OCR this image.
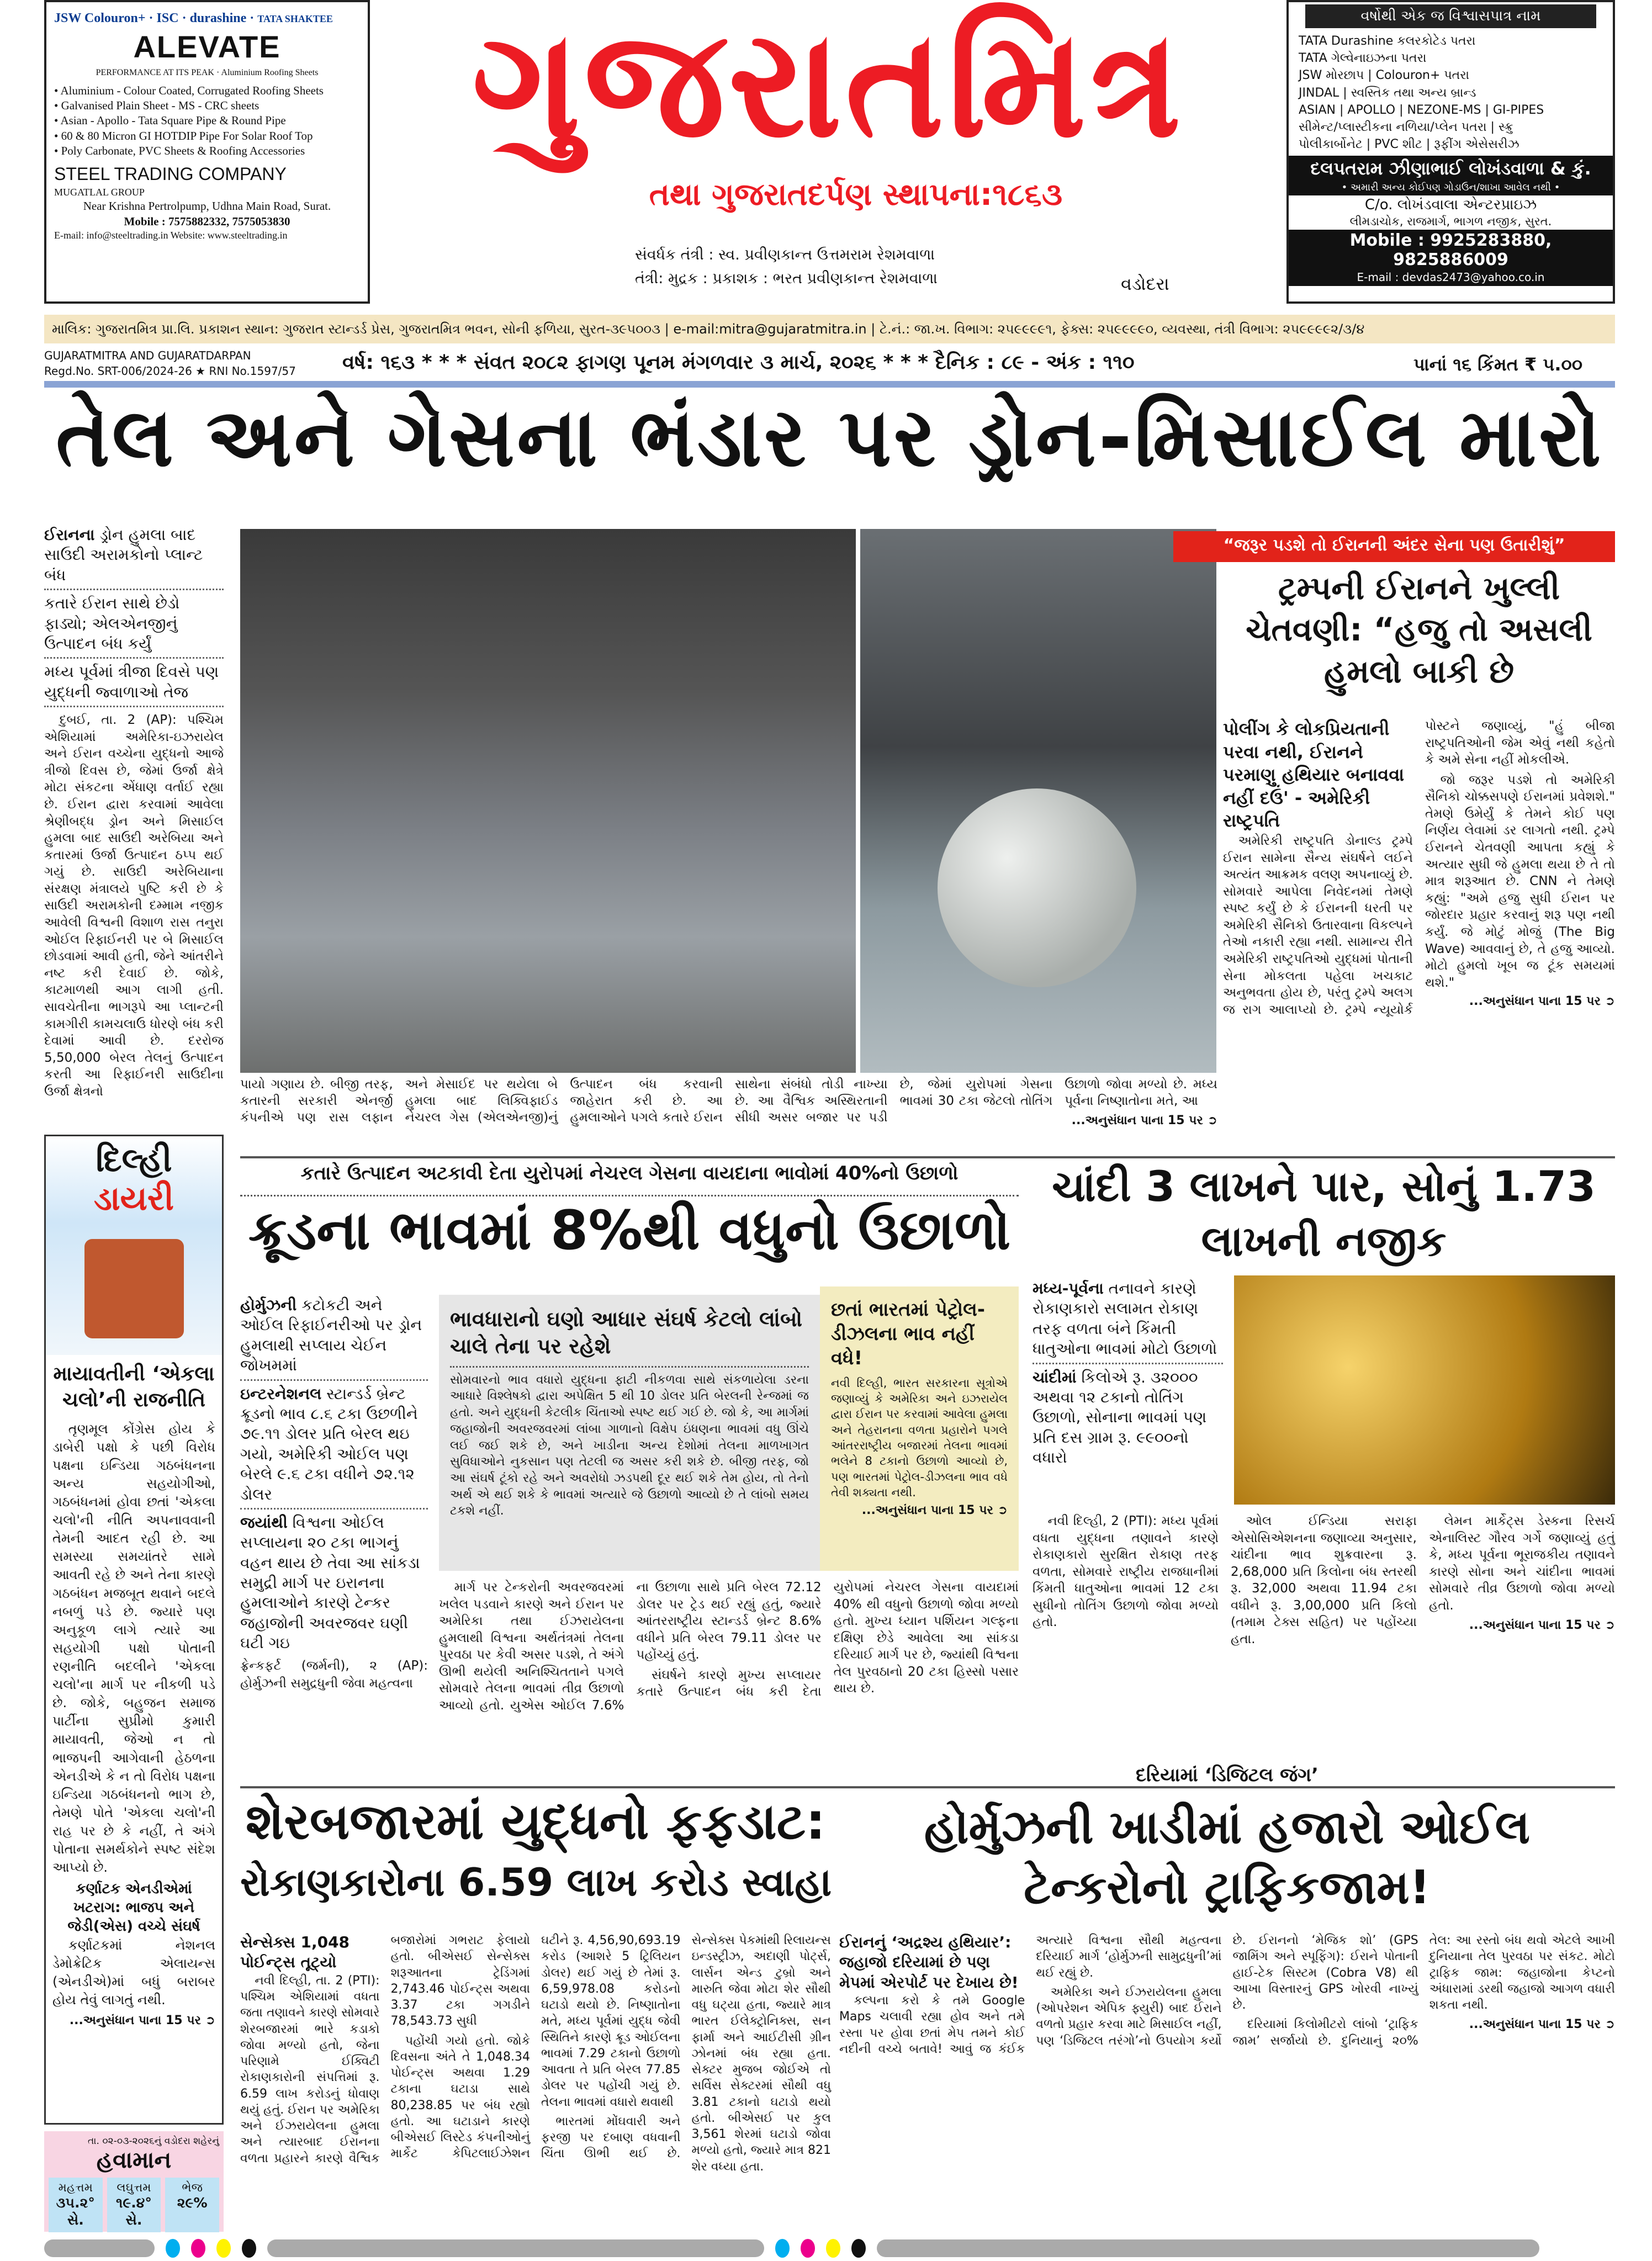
JSW Colouron+ · ISC · durashine · TATA SHAKTEE
ALEVATE
PERFORMANCE AT ITS PEAK · Aluminium Roofing Sheets
• Aluminium - Colour Coated, Corrugated Roofing Sheets
• Galvanised Plain Sheet - MS - CRC sheets
• Asian - Apollo - Tata Square Pipe & Round Pipe
• 60 & 80 Micron GI HOTDIP Pipe For Solar Roof Top
• Poly Carbonate, PVC Sheets & Roofing Accessories
STEEL TRADING COMPANY
MUGATLAL GROUP
Near Krishna Pertrolpump, Udhna Main Road, Surat.
Mobile : 7575882332, 7575053830
E-mail: info@steeltrading.in Website: www.steeltrading.in
ગુજરાતમિત્ર
તથા ગુજરાતદર્પણ સ્થાપના:૧૮૬૩
સંવર્ધક તંત્રી : સ્વ. પ્રવીણકાન્ત ઉત્તમરામ રેશમવાળા
તંત્રી: મુદ્રક : પ્રકાશક : ભરત પ્રવીણકાન્ત રેશમવાળા	વડોદરા
વર્ષોથી એક જ વિશ્વાસપાત્ર નામ
TATA Durashine કલરકોટેડ પતરા
TATA ગેલ્વેનાઇઝના પતરા
JSW મોરછાપ | Colouron+ પતરા
JINDAL | સ્વસ્તિક તથા અન્ય બ્રાન્ડ
ASIAN | APOLLO | NEZONE-MS | GI-PIPES
સીમેન્ટ/પ્લાસ્ટીકના નળિયા/પ્લેન પતરા | સ્ક્રુ
પોલીકાર્બોનેટ | PVC શીટ | રૂફીંગ એસેસરીઝ
દલપતરામ ઝીણાભાઈ લોખંડવાળા & કું.
• અમારી અન્ય કોઈપણ ગોડાઉન/શાખા આવેલ નથી •
C/o. લોખંડવાલા એન્ટરપ્રાઇઝ
લીમડાચોક, રાજમાર્ગ, ભાગળ નજીક, સુરત.
Mobile : 9925283880, 9825886009
E-mail : devdas2473@yahoo.co.in
માલિક: ગુજરાતમિત્ર પ્રા.લિ. પ્રકાશન સ્થાન: ગુજરાત સ્ટાન્ડર્ડ પ્રેસ, ગુજરાતમિત્ર ભવન, સોની ફળિયા, સુરત-૩૯૫૦૦૩ | e-mail:mitra@gujaratmitra.in | ટે.નં.: જા.ખ. વિભાગ: ૨૫૯૯૯૯૧, ફેક્સ: ૨૫૯૯૯૯૦, વ્યવસ્થા, તંત્રી વિભાગ: ૨૫૯૯૯૯૨/૩/૪
GUJARATMITRA AND GUJARATDARPAN
Regd.No. SRT-006/2024-26 ★ RNI No.1597/57 વર્ષ: ૧૬૩ * * * સંવત ૨૦૮૨ ફાગણ પૂનમ મંગળવાર ૩ માર્ચ, ૨૦૨૬ * * * દૈનિક : ૮૯ - અંક : ૧૧૦	પાનાં ૧૬ કિંમત ₹ ૫.૦૦
તેલ અને ગેસના ભંડાર પર ડ્રોન-મિસાઈલ મારો
ઈરાનના ડ્રોન હુમલા બાદ સાઉદી અરામકોનો પ્લાન્ટ બંધ
કતારે ઈરાન સાથે છેડો ફાડ્યો; એલએનજીનું ઉત્પાદન બંધ કર્યું
મધ્ય પૂર્વમાં ત્રીજા દિવસે પણ યુદ્ધની જ્વાળાઓ તેજ

દુબઈ, તા. 2 (AP): પશ્ચિમ એશિયામાં અમેરિકા-ઇઝરાયેલ અને ઈરાન વચ્ચેના યુદ્ધનો આજે ત્રીજો દિવસ છે, જેમાં ઉર્જા ક્ષેત્રે મોટા સંકટના એંધાણ વર્તાઈ રહ્યા છે. ઈરાન દ્વારા કરવામાં આવેલા શ્રેણીબદ્ધ ડ્રોન અને મિસાઈલ હુમલા બાદ સાઉદી અરેબિયા અને કતારમાં ઉર્જા ઉત્પાદન ઠપ્પ થઈ ગયું છે. સાઉદી અરેબિયાના સંરક્ષણ મંત્રાલયે પુષ્ટિ કરી છે કે સાઉદી અરામકોની દમ્મામ નજીક આવેલી વિશ્વની વિશાળ રાસ તનુરા ઓઈલ રિફાઈનરી પર બે મિસાઈલ છોડવામાં આવી હતી, જેને આંતરીને નષ્ટ કરી દેવાઈ છે. જોકે, કાટમાળથી આગ લાગી હતી. સાવચેતીના ભાગરૂપે આ પ્લાન્ટની કામગીરી કામચલાઉ ધોરણે બંધ કરી દેવામાં આવી છે. દરરોજ 5,50,000 બેરલ તેલનું ઉત્પાદન કરતી આ રિફાઈનરી સાઉદીના ઉર્જા ક્ષેત્રનો	પાયો ગણાય છે. બીજી તરફ, કતારની સરકારી એનર્જી કંપનીએ પણ રાસ લફાન અને મેસાઈદ પર થયેલા બે હુમલા બાદ લિક્વિફાઈડ નેચરલ ગેસ (એલએનજી)નું ઉત્પાદન બંધ કરવાની જાહેરાત કરી છે. આ હુમલાઓને પગલે કતારે ઈરાન સાથેના સંબંધો તોડી નાખ્યા છે. આ વૈશ્વિક અસ્થિરતાની સીધી અસર બજાર પર પડી છે, જેમાં યુરોપમાં ગેસના ભાવમાં 30 ટકા જેટલો તોતિંગ ઉછાળો જોવા મળ્યો છે. મધ્ય પૂર્વના નિષ્ણાતોના મતે, આ
...અનુસંધાન પાના 15 પર ➲
“જરૂર પડશે તો ઈરાનની અંદર સેના પણ ઉતારીશું”
ટ્રમ્પની ઈરાનને ખુલ્લી ચેતવણી: “હજુ તો અસલી હુમલો બાકી છે
પોલીંગ કે લોકપ્રિયતાની પરવા નથી, ઈરાનને પરમાણુ હથિયાર બનાવવા નહીં દઉં' - અમેરિકી રાષ્ટ્રપતિ

અમેરિકી રાષ્ટ્રપતિ ડોનાલ્ડ ટ્રમ્પે ઈરાન સામેના સૈન્ય સંઘર્ષને લઈને અત્યંત આક્રમક વલણ અપનાવ્યું છે. સોમવારે આપેલા નિવેદનમાં તેમણે સ્પષ્ટ કર્યું છે કે ઈરાનની ધરતી પર અમેરિકી સૈનિકો ઉતારવાના વિકલ્પને તેઓ નકારી રહ્યા નથી. સામાન્ય રીતે અમેરિકી રાષ્ટ્રપતિઓ યુદ્ધમાં પોતાની સેના મોકલતા પહેલા ખચકાટ અનુભવતા હોય છે, પરંતુ ટ્રમ્પે અલગ જ રાગ આલાપ્યો છે. ટ્રમ્પે ન્યૂયોર્ક પોસ્ટને જણાવ્યું, "હું બીજા રાષ્ટ્રપતિઓની જેમ એવું નથી કહેતો કે અમે સેના નહીં મોકલીએ.

જો જરૂર પડશે તો અમેરિકી સૈનિકો ચોક્કસપણે ઈરાનમાં પ્રવેશશે." તેમણે ઉમેર્યું કે તેમને કોઈ પણ નિર્ણય લેવામાં ડર લાગતો નથી. ટ્રમ્પે ઈરાનને ચેતવણી આપતા કહ્યું કે અત્યાર સુધી જે હુમલા થયા છે તે તો માત્ર શરૂઆત છે. CNN ને તેમણે કહ્યું: "અમે હજુ સુધી ઈરાન પર જોરદાર પ્રહાર કરવાનું શરૂ પણ નથી કર્યું. જે મોટું મોજું (The Big Wave) આવવાનું છે, તે હજુ આવ્યો. મોટો હુમલો ખૂબ જ ટૂંક સમયમાં થશે."

...અનુસંધાન પાના 15 પર ➲
દિલ્હી ડાયરી
માયાવતીની ‘એકલા ચલો’ની રાજનીતિ

તૃણમૂલ કોંગ્રેસ હોય કે ડાબેરી પક્ષો કે પછી વિરોધ પક્ષના ઇન્ડિયા ગઠબંધનના અન્ય સહયોગીઓ, ગઠબંધનમાં હોવા છતાં 'એકલા ચલો'ની નીતિ અપનાવવાની તેમની આદત રહી છે. આ સમસ્યા સમયાંતરે સામે આવતી રહે છે અને તેના કારણે ગઠબંધન મજબૂત થવાને બદલે નબળું પડે છે. જ્યારે પણ અનુકૂળ લાગે ત્યારે આ સહયોગી પક્ષો પોતાની રણનીતિ બદલીને 'એકલા ચલો'ના માર્ગ પર નીકળી પડે છે. જોકે, બહુજન સમાજ પાર્ટીના સુપ્રીમો કુમારી માયાવતી, જેઓ ન તો ભાજપની આગેવાની હેઠળના એનડીએ કે ન તો વિરોધ પક્ષના ઇન્ડિયા ગઠબંધનનો ભાગ છે, તેમણે પોતે 'એકલા ચલો'ની રાહ પર છે કે નહીં, તે અંગે પોતાના સમર્થકોને સ્પષ્ટ સંદેશ આપ્યો છે.

કર્ણાટક એનડીએમાં ખટરાગ: ભાજપ અને જેડી(એસ) વચ્ચે સંઘર્ષ

કર્ણાટકમાં નેશનલ ડેમોક્રેટિક એલાયન્સ (એનડીએ)માં બધું બરાબર હોય તેવું લાગતું નથી.

...અનુસંધાન પાના 15 પર ➲
તા. ૦૨-૦૩-૨૦૨૬નું વડોદરા શહેરનું
હવામાન
મહત્તમ
૩૫.૨° સે.
લઘુત્તમ
૧૯.૪° સે.
ભેજ
૨૯%
કતારે ઉત્પાદન અટકાવી દેતા યુરોપમાં નેચરલ ગેસના વાયદાના ભાવોમાં 40%નો ઉછાળો
ક્રૂડના ભાવમાં 8%થી વધુનો ઉછાળો
હોર્મુઝની કટોકટી અને ઓઈલ રિફાઈનરીઓ પર ડ્રોન હુમલાથી સપ્લાય ચેઈન જોખમમાં
ઇન્ટરનેશનલ સ્ટાન્ડર્ડ બ્રેન્ટ ક્રૂડનો ભાવ ૮.૬ ટકા ઉછળીને ૭૯.૧૧ ડોલર પ્રતિ બેરલ થઇ ગયો, અમેરિકી ઓઈલ પણ બેરલે ૯.૬ ટકા વધીને ૭૨.૧૨ ડોલર
જયાંથી વિશ્વના ઓઈલ સપ્લાયના ૨૦ ટકા ભાગનું વહન થાય છે તેવા આ સાંકડા સમુદ્રી માર્ગ પર ઇરાનના હુમલાઓને કારણે ટેન્કર જહાજોની અવરજવર ઘણી ઘટી ગઇ
ફ્રેન્કફર્ટ (જર્મની), ૨ (AP): હોર્મુઝની સમુદ્રધુની જેવા મહત્વના
ભાવધારાનો ઘણો આધાર સંઘર્ષ કેટલો લાંબો ચાલે તેના પર રહેશે
સોમવારનો ભાવ વધારો યુદ્ધના ફાટી નીકળવા સાથે સંકળાયેલા ડરના આધારે વિશ્લેષકો દ્વારા અપેક્ષિત 5 થી 10 ડોલર પ્રતિ બેરલની રેન્જમાં જ હતો. અને યુદ્ધની કેટલીક ચિંતાઓ સ્પષ્ટ થઈ ગઈ છે. જો કે, આ માર્ગમાં જહાજોની અવરજવરમાં લાંબા ગાળાનો વિક્ષેપ ઇંધણના ભાવમાં વધુ ઊંચે લઈ જઈ શકે છે, અને ખાડીના અન્ય દેશોમાં તેલના માળખાગત સુવિધાઓને નુકસાન પણ તેટલી જ અસર કરી શકે છે. બીજી તરફ, જો આ સંઘર્ષ ટૂંકો રહે અને અવરોધો ઝડપથી દૂર થઈ શકે તેમ હોય, તો તેનો અર્થ એ થઈ શકે કે ભાવમાં અત્યારે જે ઉછાળો આવ્યો છે તે લાંબો સમય ટકશે નહીં.
છતાં ભારતમાં પેટ્રોલ-ડીઝલના ભાવ નહીં વધે!
નવી દિલ્હી, ભારત સરકારના સૂત્રોએ જણાવ્યું કે અમેરિકા અને ઇઝરાયેલ દ્વારા ઈરાન પર કરવામાં આવેલા હુમલા અને તેહરાનના વળતા પ્રહારોને પગલે આંતરરાષ્ટ્રીય બજારમાં તેલના ભાવમાં ભલેને 8 ટકાનો ઉછાળો આવ્યો છે, પણ ભારતમાં પેટ્રોલ-ડીઝલના ભાવ વધે તેવી શક્યતા નથી.
...અનુસંધાન પાના 15 પર ➲

માર્ગ પર ટેન્કરોની અવરજવરમાં ખલેલ પડવાને કારણે અને ઈરાન પર અમેરિકા તથા ઈઝરાયેલના હુમલાથી વિશ્વના અર્થતંત્રમાં તેલના પુરવઠા પર કેવી અસર પડશે, તે અંગે ઊભી થયેલી અનિશ્ચિતતાને પગલે સોમવારે તેલના ભાવમાં તીવ્ર ઉછાળો આવ્યો હતો. યુએસ ઓઈલ 7.6% ના ઉછાળા સાથે પ્રતિ બેરલ 72.12 ડોલર પર ટ્રેડ થઈ રહ્યું હતું, જ્યારે આંતરરાષ્ટ્રીય સ્ટાન્ડર્ડ બ્રેન્ટ 8.6% વધીને પ્રતિ બેરલ 79.11 ડોલર પર પહોંચ્યું હતું.

સંઘર્ષને કારણે મુખ્ય સપ્લાયર કતારે ઉત્પાદન બંધ કરી દેતા યુરોપમાં નેચરલ ગેસના વાયદામાં 40% થી વધુનો ઉછાળો જોવા મળ્યો હતો. મુખ્ય ધ્યાન પર્શિયન ગલ્ફના દક્ષિણ છેડે આવેલા આ સાંકડા દરિયાઈ માર્ગ પર છે, જ્યાંથી વિશ્વના તેલ પુરવઠાનો 20 ટકા હિસ્સો પસાર થાય છે.

ચાંદી 3 લાખને પાર, સોનું 1.73 લાખની નજીક
મધ્ય-પૂર્વના તનાવને કારણે રોકાણકારો સલામત રોકાણ તરફ વળતા બંને કિંમતી ધાતુઓના ભાવમાં મોટો ઉછાળો
ચાંદીમાં કિલોએ રૂ. ૩૨૦૦૦ અથવા ૧૨ ટકાનો તોતિંગ ઉછાળો, સોનાના ભાવમાં પણ પ્રતિ દસ ગ્રામ રૂ. ૯૯૦૦નો વધારો

નવી દિલ્હી, 2 (PTI): મધ્ય પૂર્વમાં વધતા યુદ્ધના તણાવને કારણે રોકાણકારો સુરક્ષિત રોકાણ તરફ વળતા, સોમવારે રાષ્ટ્રીય રાજધાનીમાં કિંમતી ધાતુઓના ભાવમાં 12 ટકા સુધીનો તોતિંગ ઉછાળો જોવા મળ્યો હતો.

ઓલ ઈન્ડિયા સરાફા એસોસિએશનના જણાવ્યા અનુસાર, ચાંદીના ભાવ શુક્રવારના રૂ. 2,68,000 પ્રતિ કિલોના બંધ સ્તરથી રૂ. 32,000 અથવા 11.94 ટકા વધીને રૂ. 3,00,000 પ્રતિ કિલો (તમામ ટેક્સ સહિત) પર પહોંચ્યા હતા.

લેમન માર્કેટ્સ ડેસ્કના રિસર્ચ એનાલિસ્ટ ગૌરવ ગર્ગે જણાવ્યું હતું કે, મધ્ય પૂર્વના ભૂરાજકીય તણાવને કારણે સોના અને ચાંદીના ભાવમાં સોમવારે તીવ્ર ઉછાળો જોવા મળ્યો હતો.

...અનુસંધાન પાના 15 પર ➲
શેરબજારમાં યુદ્ધનો ફફડાટ:
રોકાણકારોના 6.59 લાખ કરોડ સ્વાહા
સેન્સેક્સ 1,048 પોઈન્ટ્સ તૂટ્યો

નવી દિલ્હી, તા. 2 (PTI): પશ્ચિમ એશિયામાં વધતા જતા તણાવને કારણે સોમવારે શેરબજારમાં ભારે કડાકો જોવા મળ્યો હતો, જેના પરિણામે ઈક્વિટી રોકાણકારોની સંપત્તિમાં રૂ. 6.59 લાખ કરોડનું ધોવાણ થયું હતું. ઈરાન પર અમેરિકા અને ઈઝરાયેલના હુમલા અને ત્યારબાદ ઈરાનના વળતા પ્રહારને કારણે વૈશ્વિક બજારોમાં ગભરાટ ફેલાયો હતો. બીએસઈ સેન્સેક્સ શરૂઆતના ટ્રેડિંગમાં 2,743.46 પોઈન્ટ્સ અથવા 3.37 ટકા ગગડીને 78,543.73 સુધી

પહોંચી ગયો હતો. જોકે દિવસના અંતે તે 1,048.34 પોઈન્ટ્સ અથવા 1.29 ટકાના ઘટાડા સાથે 80,238.85 પર બંધ રહ્યો હતો. આ ઘટાડાને કારણે બીએસઈ લિસ્ટેડ કંપનીઓનું માર્કેટ કેપિટલાઈઝેશન ઘટીને રૂ. 4,56,90,693.19 કરોડ (આશરે 5 ટ્રિલિયન ડોલર) થઈ ગયું છે તેમાં રૂ. 6,59,978.08 કરોડનો ઘટાડો થયો છે. નિષ્ણાતોના મતે, મધ્ય પૂર્વમાં યુદ્ધ જેવી સ્થિતિને કારણે ક્રૂડ ઓઈલના ભાવમાં 7.29 ટકાનો ઉછાળો આવતા તે પ્રતિ બેરલ 77.85 ડોલર પર પહોંચી ગયું છે. તેલના ભાવમાં વધારો થવાથી

ભારતમાં મોંઘવારી અને ફરજી પર દબાણ વધવાની ચિંતા ઊભી થઈ છે. સેન્સેક્સ પેકમાંથી રિલાયન્સ ઇન્ડસ્ટ્રીઝ, અદાણી પોર્ટ્સ, લાર્સન એન્ડ ટુબ્રો અને મારુતિ જેવા મોટા શેર સૌથી વધુ ઘટ્યા હતા, જ્યારે માત્ર ભારત ઈલેક્ટ્રોનિક્સ, સન ફાર્મા અને આઈટીસી ગ્રીન ઝોનમાં બંધ રહ્યા હતા. સેક્ટર મુજબ જોઈએ તો સર્વિસ સેક્ટરમાં સૌથી વધુ 3.81 ટકાનો ઘટાડો થયો હતો. બીએસઈ પર કુલ 3,561 શેરમાં ઘટાડો જોવા મળ્યો હતો, જ્યારે માત્ર 821 શેર વધ્યા હતા.

દરિયામાં ‘ડિજિટલ જંગ’
હોર્મુઝની ખાડીમાં હજારો ઓઈલ ટેન્કરોનો ટ્રાફિકજામ!
ઈરાનનું ‘અદ્રશ્ય હથિયાર’: જહાજો દરિયામાં છે પણ મેપમાં એરપોર્ટ પર દેખાય છે!

કલ્પના કરો કે તમે Google Maps ચલાવી રહ્યા હોવ અને તમે રસ્તા પર હોવા છતાં મેપ તમને કોઈ નદીની વચ્ચે બતાવે! આવું જ કંઈક અત્યારે વિશ્વના સૌથી મહત્વના દરિયાઈ માર્ગ ‘હોર્મુઝની સામુદ્રધુની’માં થઈ રહ્યું છે.

અમેરિકા અને ઈઝરાયેલના હુમલા (ઓપરેશન એપિક ફ્યુરી) બાદ ઈરાને વળતો પ્રહાર કરવા માટે મિસાઈલ નહીં, પણ ‘ડિજિટલ તરંગો’નો ઉપયોગ કર્યો છે. ઈરાનનો ‘મેજિક શો’ (GPS જામિંગ અને સ્પૂફિંગ): ઈરાને પોતાની હાઈ-ટેક સિસ્ટમ (Cobra V8) થી આખા વિસ્તારનું GPS ખોરવી નાખ્યું છે.

દરિયામાં કિલોમીટરો લાંબો ‘ટ્રાફિક જામ’ સર્જાયો છે. દુનિયાનું ૨૦% તેલ: આ રસ્તો બંધ થવો એટલે આખી દુનિયાના તેલ પુરવઠા પર સંકટ. મોટો ટ્રાફિક જામ: જહાજોના કેપ્ટનો અંધારામાં ડરથી જહાજો આગળ વધારી શકતા નથી.

...અનુસંધાન પાના 15 પર ➲
